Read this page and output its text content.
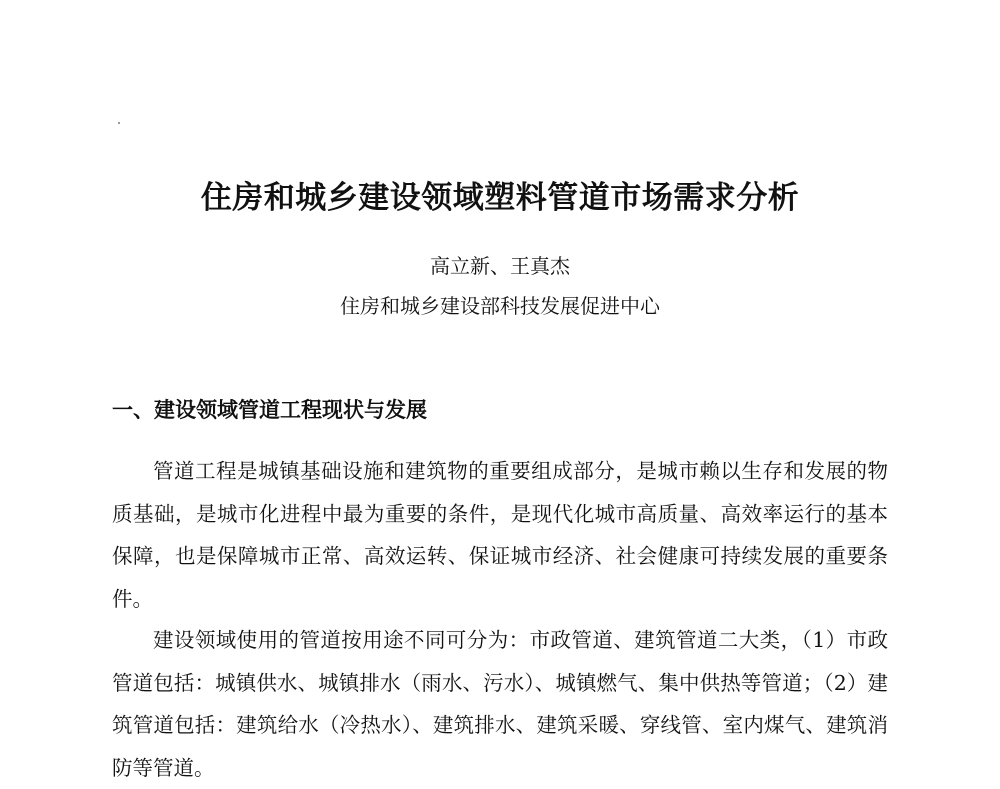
住房和城乡建设领域塑料管道市场需求分析
高立新、王真杰
住房和城乡建设部科技发展促进中心
一、建设领域管道工程现状与发展

管道工程是城镇基础设施和建筑物的重要组成部分，是城市赖以生存和发展的物质基础，是城市化进程中最为重要的条件，是现代化城市高质量、高效率运行的基本保障，也是保障城市正常、高效运转、保证城市经济、社会健康可持续发展的重要条件。

建设领域使用的管道按用途不同可分为：市政管道、建筑管道二大类，（1）市政管道包括：城镇供水、城镇排水（雨水、污水）、城镇燃气、集中供热等管道；（2）建筑管道包括：建筑给水（冷热水）、建筑排水、建筑采暖、穿线管、室内煤气、建筑消防等管道。
